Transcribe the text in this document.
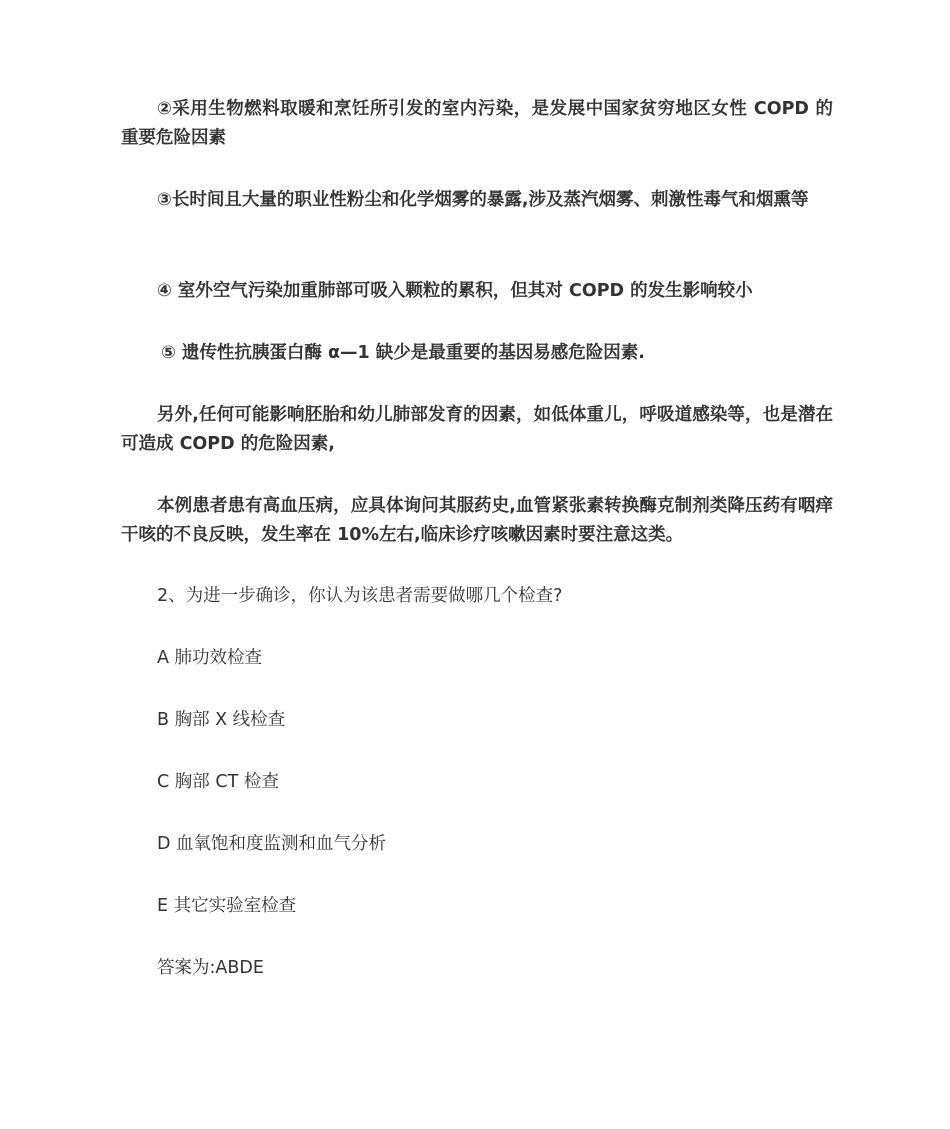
②采用生物燃料取暖和烹饪所引发的室内污染，是发展中国家贫穷地区女性 COPD 的重要危险因素

③长时间且大量的职业性粉尘和化学烟雾的暴露,涉及蒸汽烟雾、刺激性毒气和烟熏等

④ 室外空气污染加重肺部可吸入颗粒的累积，但其对 COPD 的发生影响较小

⑤ 遗传性抗胰蛋白酶 α—1 缺少是最重要的基因易感危险因素.

另外,任何可能影响胚胎和幼儿肺部发育的因素，如低体重儿，呼吸道感染等，也是潜在可造成 COPD 的危险因素,

本例患者患有高血压病，应具体询问其服药史,血管紧张素转换酶克制剂类降压药有咽痒干咳的不良反映，发生率在 10%左右,临床诊疗咳嗽因素时要注意这类。

2、为进一步确诊，你认为该患者需要做哪几个检查?

A 肺功效检查

B 胸部 X 线检查

C 胸部 CT 检查

D 血氧饱和度监测和血气分析

E 其它实验室检查

答案为:ABDE
